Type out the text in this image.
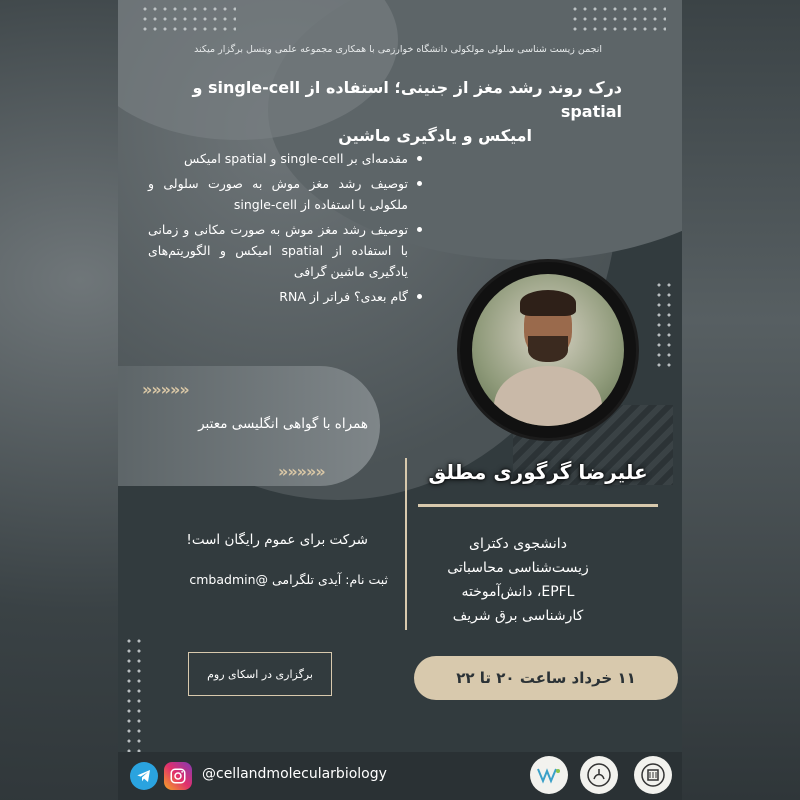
انجمن زیست شناسی سلولی مولکولی دانشگاه خوارزمی با همکاری مجموعه علمی وینسل برگزار میکند
درک روند رشد مغز از جنینی؛ استفاده از single-cell و spatial
امیکس و یادگیری ماشین
مقدمه‌ای بر single-cell و spatial امیکس
توصیف رشد مغز موش به صورت سلولی و ملکولی با استفاده از single-cell
توصیف رشد مغز موش به صورت مکانی و زمانی با استفاده از spatial امیکس و الگوریتم‌های یادگیری ماشین گرافی
گام بعدی؟ فراتر از RNA
»»»»»
همراه با گواهی انگلیسی معتبر
»»»»»	علیرضا گرگوری مطلق
دانشجوی دکترای
زیست‌شناسی محاسباتی
EPFL، دانش‌آموخته
کارشناسی برق شریف
شرکت برای عموم رایگان است!
ثبت نام: آیدی تلگرامی @cmbadmin
برگزاری در اسکای روم	۱۱ خرداد ساعت ۲۰ تا ۲۲
@cellandmolecularbiology
